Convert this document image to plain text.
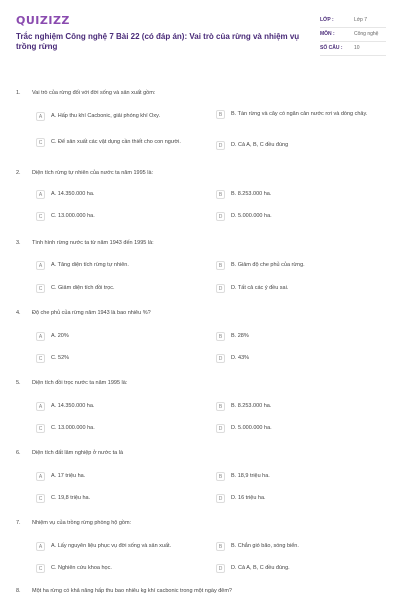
QUIZIZZ
Trắc nghiệm Công nghệ 7 Bài 22 (có đáp án): Vai trò của rừng và nhiệm vụ trồng rừng
LỚP :	Lớp 7
MÔN :	Công nghệ
SỐ CÂU :	10
1.	Vai trò của rừng đối với đời sống và sản xuất gồm:
A	A. Hấp thu khí Cacbonic, giải phóng khí Oxy.	B	B. Tàn rừng và cây có ngăn cản nước rơi và dòng chảy.
C	C. Để sản xuất các vật dụng cần thiết cho con người.
D	D. Cả A, B, C đều đúng
2.	Diện tích rừng tự nhiên của nước ta năm 1995 là:
A	A. 14.350.000 ha.	B	B. 8.253.000 ha.
C	C. 13.000.000 ha.	D	D. 5.000.000 ha.
3.	Tình hình rừng nước ta từ năm 1943 đến 1995 là:
A	A. Tăng diện tích rừng tự nhiên.	B	B. Giảm độ che phủ của rừng.
C	C. Giảm diện tích đồi trọc.	D	D. Tất cả các ý đều sai.
4.	Độ che phủ của rừng năm 1943 là bao nhiêu %?
A	A. 20%	B	B. 28%
C	C. 52%	D	D. 43%
5.	Diện tích đồi trọc nước ta năm 1995 là:
A	A. 14.350.000 ha.	B	B. 8.253.000 ha.
C	C. 13.000.000 ha.	D	D. 5.000.000 ha.
6.	Diện tích đất lâm nghiệp ở nước ta là
A	A. 17 triệu ha.	B	B. 18,9 triệu ha.
C	C. 19,8 triệu ha.	D	D. 16 triệu ha.
7.	Nhiệm vụ của trồng rừng phòng hộ gồm:
A	A. Lấy nguyên liệu phục vụ đời sống và sản xuất.	B	B. Chắn gió bão, sóng biển.
C	C. Nghiên cứu khoa học.	D	D. Cả A, B, C đều đúng.
8.	Một ha rừng có khả năng hấp thu bao nhiêu kg khí cacbonic trong một ngày đêm?
